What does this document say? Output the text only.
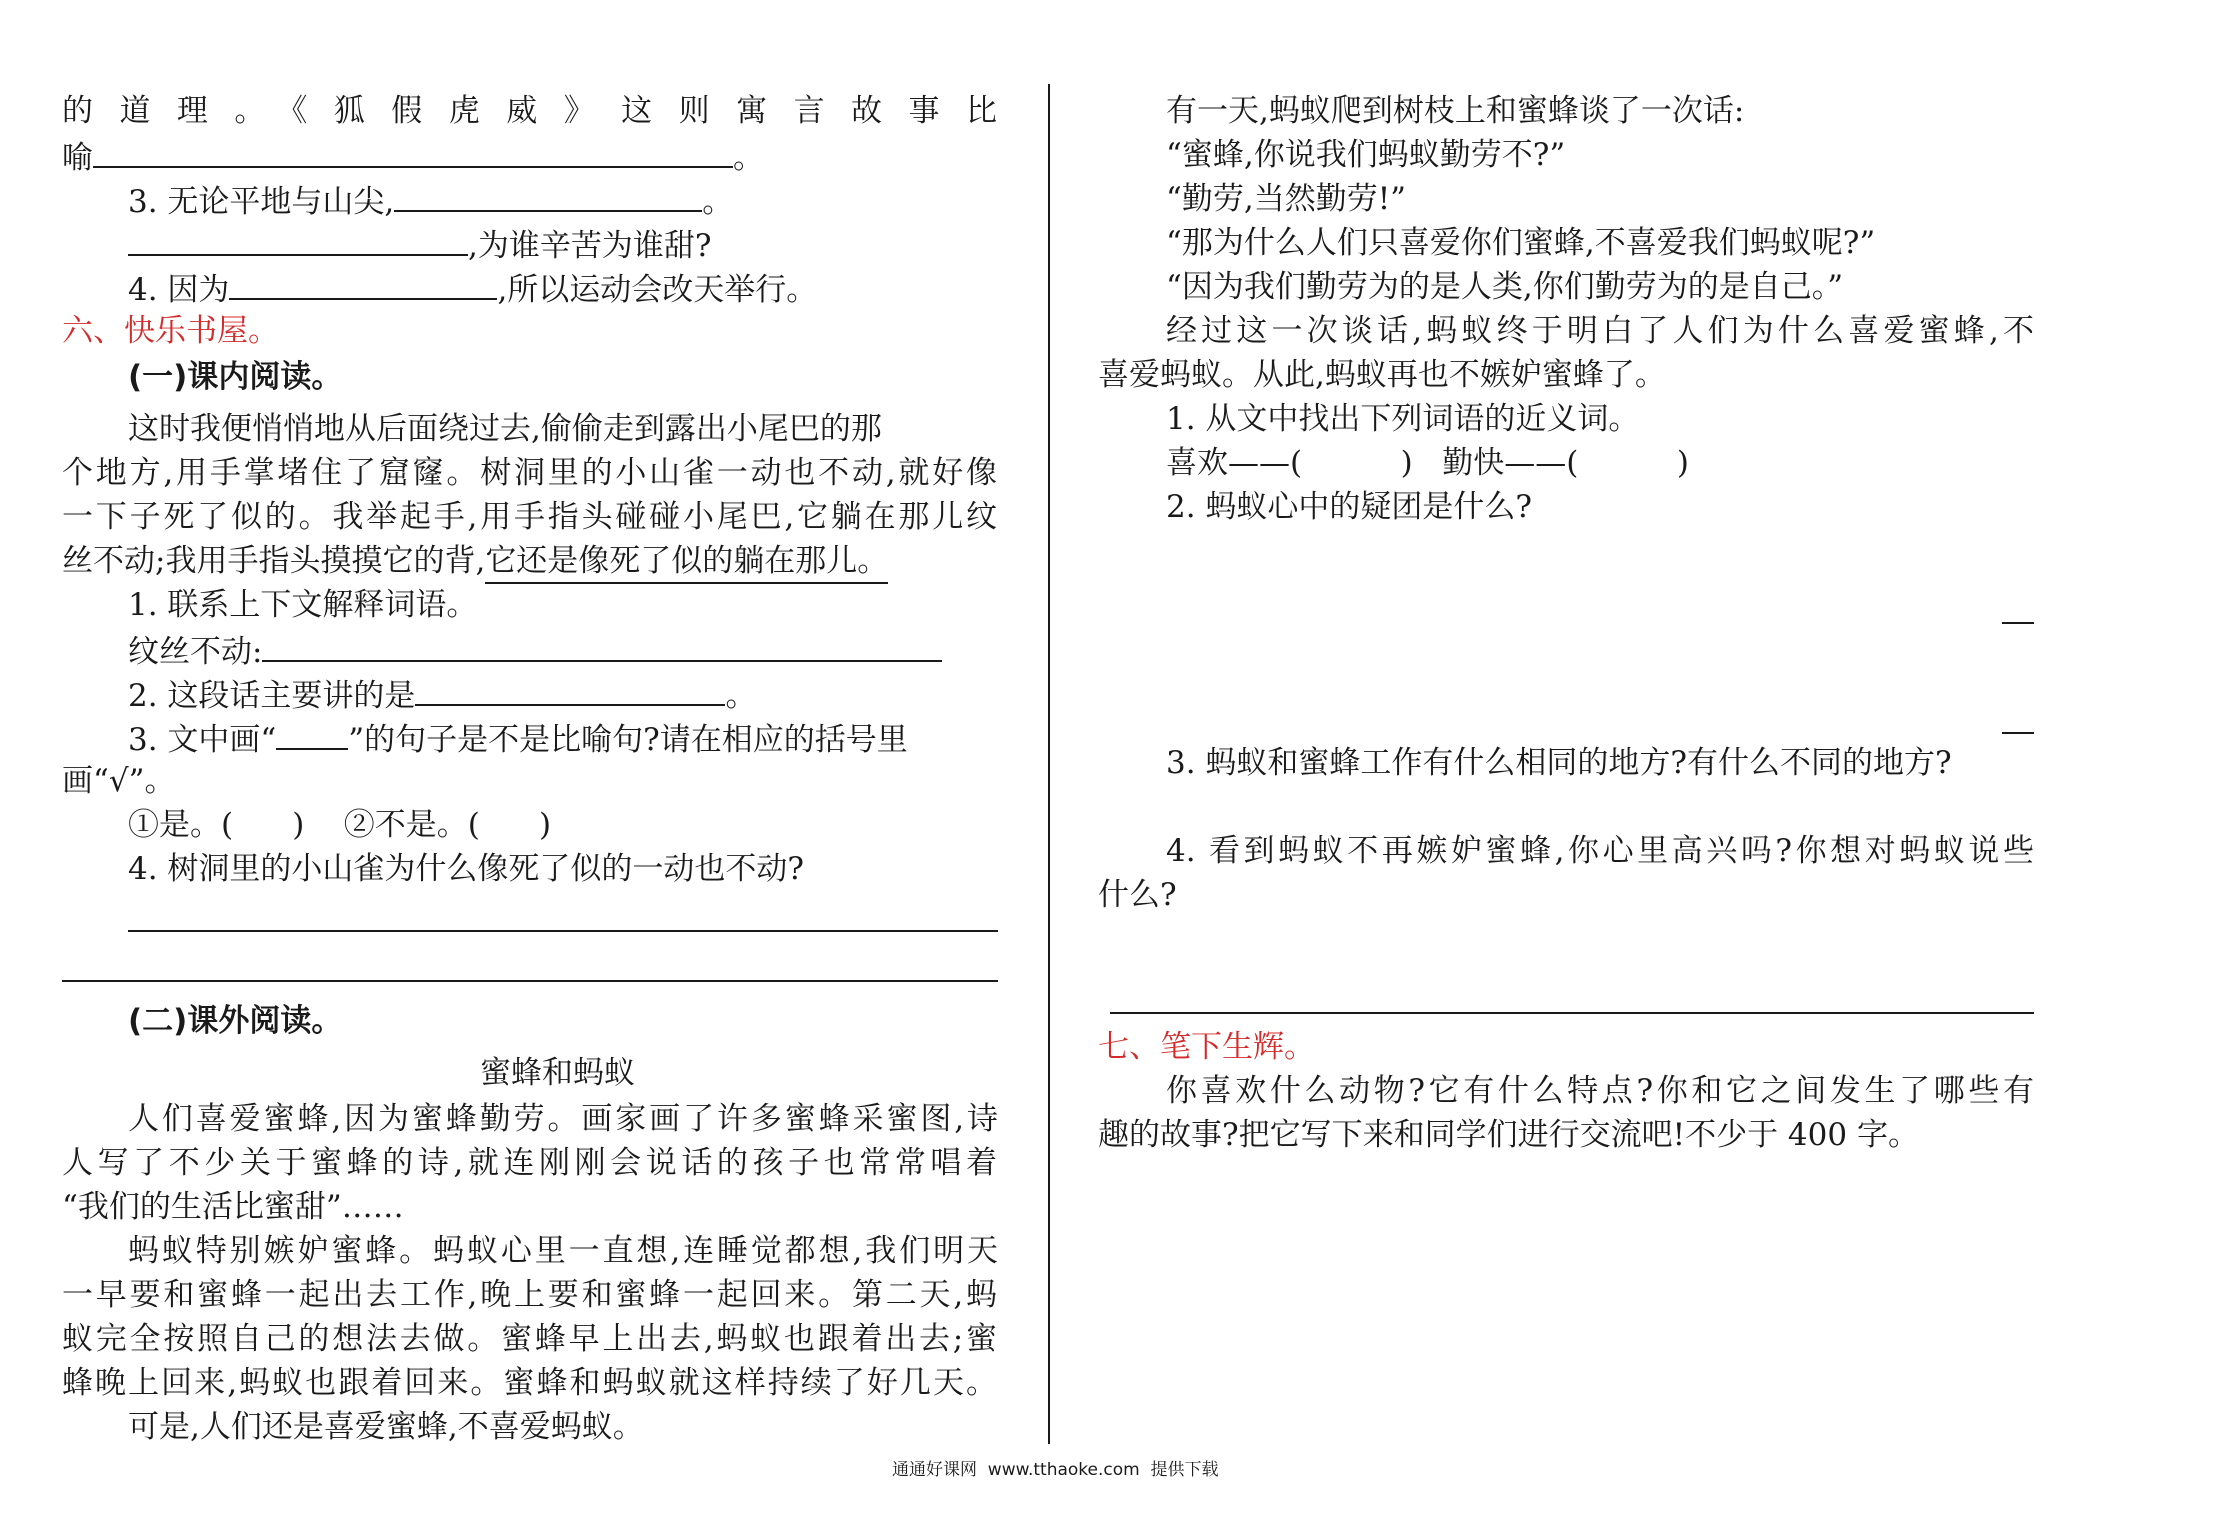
的道理。《狐假虎威》这则寓言故事比
喻	。
3. 无论平地与山尖,	。
,为谁辛苦为谁甜?
4. 因为	,所以运动会改天举行。
六、快乐书屋。
(一)课内阅读。
这时我便悄悄地从后面绕过去,偷偷走到露出小尾巴的那
个地方,用手掌堵住了窟窿。树洞里的小山雀一动也不动,就好像
一下子死了似的。我举起手,用手指头碰碰小尾巴,它躺在那儿纹
丝不动;我用手指头摸摸它的背,它还是像死了似的躺在那儿。
1. 联系上下文解释词语。
纹丝不动:
2. 这段话主要讲的是	。
3. 文中画“ ”的句子是不是比喻句?请在相应的括号里
画“√”。
①是。(      )    ②不是。(      )
4. 树洞里的小山雀为什么像死了似的一动也不动?
(二)课外阅读。
蜜蜂和蚂蚁
人们喜爱蜜蜂,因为蜜蜂勤劳。画家画了许多蜜蜂采蜜图,诗
人写了不少关于蜜蜂的诗,就连刚刚会说话的孩子也常常唱着
“我们的生活比蜜甜”……
蚂蚁特别嫉妒蜜蜂。蚂蚁心里一直想,连睡觉都想,我们明天
一早要和蜜蜂一起出去工作,晚上要和蜜蜂一起回来。第二天,蚂
蚁完全按照自己的想法去做。蜜蜂早上出去,蚂蚁也跟着出去;蜜
蜂晚上回来,蚂蚁也跟着回来。蜜蜂和蚂蚁就这样持续了好几天。
可是,人们还是喜爱蜜蜂,不喜爱蚂蚁。
有一天,蚂蚁爬到树枝上和蜜蜂谈了一次话:
“蜜蜂,你说我们蚂蚁勤劳不?”
“勤劳,当然勤劳!”
“那为什么人们只喜爱你们蜜蜂,不喜爱我们蚂蚁呢?”
“因为我们勤劳为的是人类,你们勤劳为的是自己。”
经过这一次谈话,蚂蚁终于明白了人们为什么喜爱蜜蜂,不
喜爱蚂蚁。从此,蚂蚁再也不嫉妒蜜蜂了。
1. 从文中找出下列词语的近义词。
喜欢——(          )   勤快——(          )
2. 蚂蚁心中的疑团是什么?
3. 蚂蚁和蜜蜂工作有什么相同的地方?有什么不同的地方?
4. 看到蚂蚁不再嫉妒蜜蜂,你心里高兴吗?你想对蚂蚁说些
什么?
七、笔下生辉。
你喜欢什么动物?它有什么特点?你和它之间发生了哪些有
趣的故事?把它写下来和同学们进行交流吧!不少于 400 字。
通通好课网  www.tthaoke.com  提供下载
